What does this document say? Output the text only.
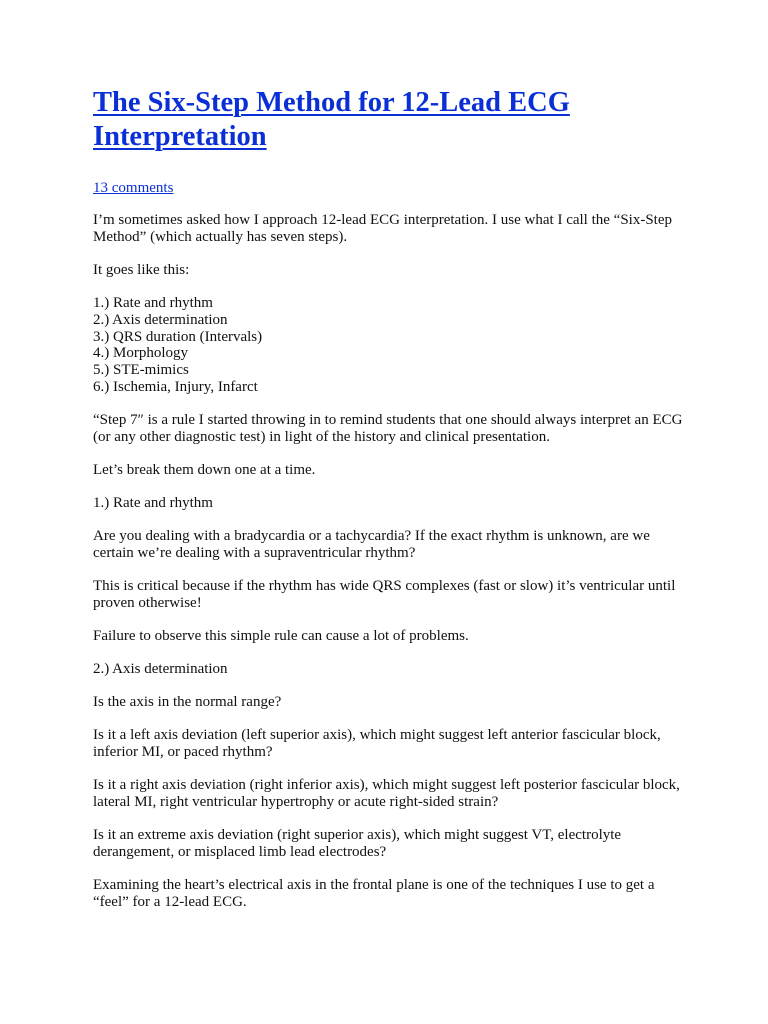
The Six-Step Method for 12-Lead ECG Interpretation
13 comments

I’m sometimes asked how I approach 12-lead ECG interpretation. I use what I call the “Six-Step Method” (which actually has seven steps).

It goes like this:

1.) Rate and rhythm

2.) Axis determination

3.) QRS duration (Intervals)

4.) Morphology

5.) STE-mimics

6.) Ischemia, Injury, Infarct

“Step 7″ is a rule I started throwing in to remind students that one should always interpret an ECG (or any other diagnostic test) in light of the history and clinical presentation.

Let’s break them down one at a time.

1.) Rate and rhythm

Are you dealing with a bradycardia or a tachycardia? If the exact rhythm is unknown, are we certain we’re dealing with a supraventricular rhythm?

This is critical because if the rhythm has wide QRS complexes (fast or slow) it’s ventricular until proven otherwise!

Failure to observe this simple rule can cause a lot of problems.

2.) Axis determination

Is the axis in the normal range?

Is it a left axis deviation (left superior axis), which might suggest left anterior fascicular block, inferior MI, or paced rhythm?

Is it a right axis deviation (right inferior axis), which might suggest left posterior fascicular block, lateral MI, right ventricular hypertrophy or acute right-sided strain?

Is it an extreme axis deviation (right superior axis), which might suggest VT, electrolyte derangement, or misplaced limb lead electrodes?

Examining the heart’s electrical axis in the frontal plane is one of the techniques I use to get a “feel” for a 12-lead ECG.
